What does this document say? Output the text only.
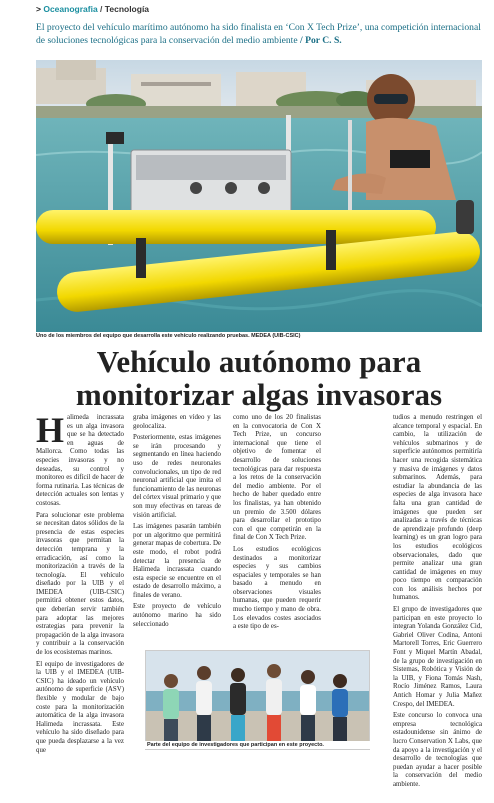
> Oceanografia / Tecnología
El proyecto del vehículo marítimo autónomo ha sido finalista en ‘Con X Tech Prize’, una competición internacional de soluciones tecnológicas para la conservación del medio ambiente / Por C. S.
Uno de los miembros del equipo que desarrolla este vehículo realizando pruebas. MEDEA (UIB-CSIC)
Vehículo autónomo para monitorizar algas invasoras
H alimeda incrassata es un alga invasora que se ha detectado en aguas de Mallorca. Como todas las especies invasoras y no deseadas, su control y monitoreo es difícil de hacer de forma rutinaria. Las técnicas de detección actuales son lentas y costosas.

Para solucionar este problema se necesitan datos sólidos de la presencia de estas especies invasoras que permitan la detección temprana y la erradicación, así como la monitorización a través de la tecnología. El vehículo diseñado por la UIB y el IMEDEA (UIB-CSIC) permitirá obtener estos datos, que deberían servir también para adoptar las mejores estrategias para prevenir la propagación de la alga invasora y contribuir a la conservación de los ecosistemas marinos.

El equipo de investigadores de la UIB y el IMEDEA (UIB-CSIC) ha ideado un vehículo autónomo de superficie (ASV) flexible y modular de bajo coste para la monitorización automática de la alga invasora Halimeda incrassata. Este vehículo ha sido diseñado para que pueda desplazarse a la vez que

graba imágenes en vídeo y las geolocaliza.

Posteriormente, estas imágenes se irán procesando y segmentando en línea haciendo uso de redes neuronales convolucionales, un tipo de red neuronal artificial que imita el funcionamiento de las neuronas del córtex visual primario y que son muy efectivas en tareas de visión artificial.

Las imágenes pasarán también por un algoritmo que permitirá generar mapas de cobertura. De este modo, el robot podrá detectar la presencia de Halimeda incrassata cuando esta especie se encuentre en el estado de desarrollo máximo, a finales de verano.

Este proyecto de vehículo autónomo marino ha sido seleccionado

como uno de los 20 finalistas en la convocatoria de Con X Tech Prize, un concurso internacional que tiene el objetivo de fomentar el desarrollo de soluciones tecnológicas para dar respuesta a los retos de la conservación del medio ambiente. Por el hecho de haber quedado entre los finalistas, ya han obtenido un premio de 3.500 dólares para desarrollar el prototipo con el que competirán en la final de Con X Tech Prize.

Los estudios ecológicos destinados a monitorizar especies y sus cambios espaciales y temporales se han basado a menudo en observaciones visuales humanas, que pueden requerir mucho tiempo y mano de obra. Los elevados costes asociados a este tipo de es-

tudios a menudo restringen el alcance temporal y espacial. En cambio, la utilización de vehículos submarinos y de superficie autónomos permitiría hacer una recogida sistemática y masiva de imágenes y datos submarinos. Además, para estudiar la abundancia de las especies de alga invasora hace falta una gran cantidad de imágenes que pueden ser analizadas a través de técnicas de aprendizaje profundo (deep learning) es un gran logro para los estudios ecológicos observacionales, dado que permite analizar una gran cantidad de imágenes en muy poco tiempo en comparación con los análisis hechos por humanos.

El grupo de investigadores que participan en este proyecto lo integran Yolanda González Cid, Gabriel Oliver Codina, Antoni Martorell Torres, Eric Guerrero Font y Miquel Martín Abadal, de la grupo de investigación en Sistemas, Robótica y Visión de la UIB, y Fiona Tomás Nash, Rocío Jiménez Ramos, Laura Antich Homar y Julia Mañez Crespo, del IMEDEA.

Este concurso lo convoca una empresa tecnológica estadounidense sin ánimo de lucro Conservation X Labs, que da apoyo a la investigación y el desarrollo de tecnologías que puedan ayudar a hacer posible la conservación del medio ambiente.

Parte del equipo de investigadores que participan en este proyecto.
